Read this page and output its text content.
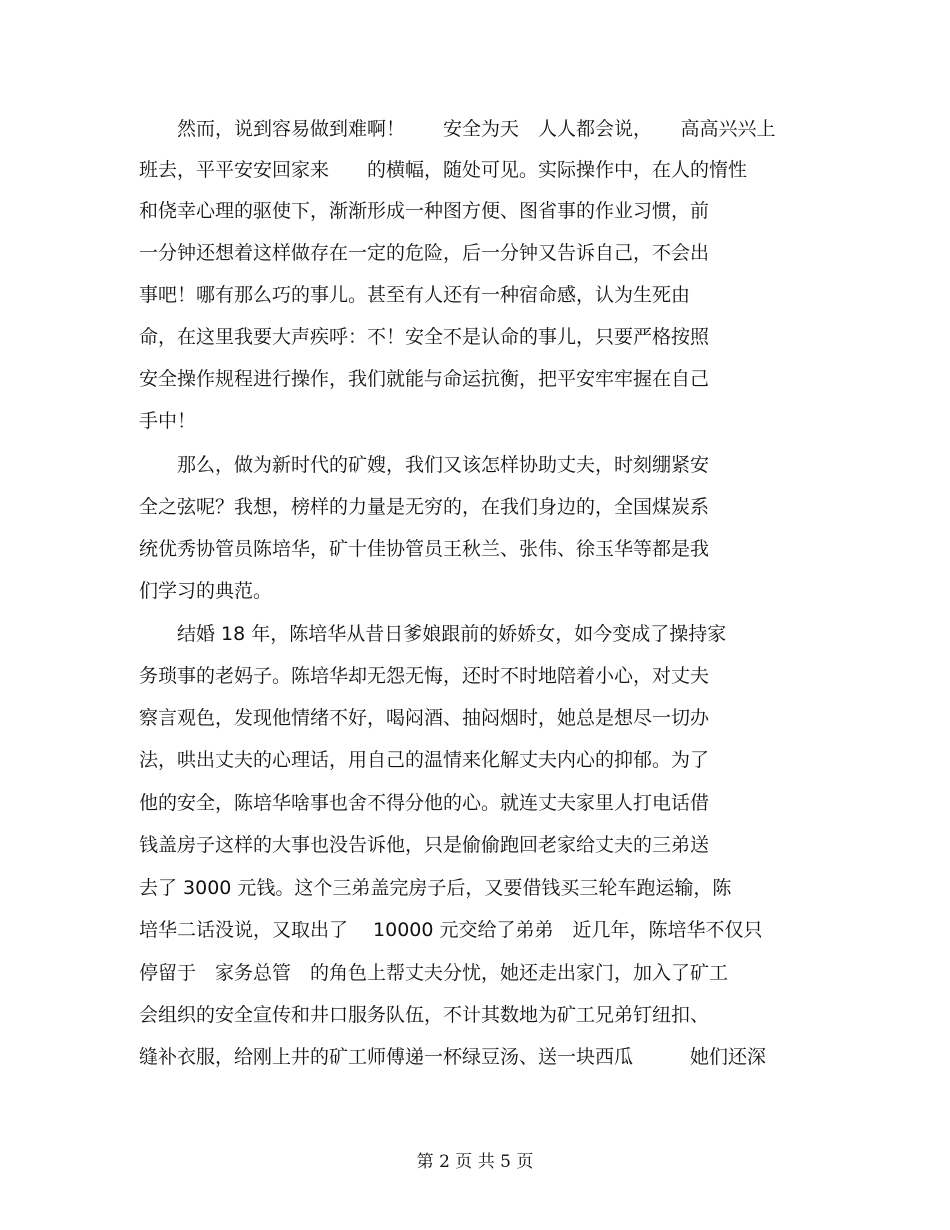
　　然而，说到容易做到难啊！　　安全为天　人人都会说，　　高高兴兴上
班去，平平安安回家来　　的横幅，随处可见。实际操作中，在人的惰性
和侥幸心理的驱使下，渐渐形成一种图方便、图省事的作业习惯，前
一分钟还想着这样做存在一定的危险，后一分钟又告诉自己，不会出
事吧！哪有那么巧的事儿。甚至有人还有一种宿命感，认为生死由
命，在这里我要大声疾呼：不！安全不是认命的事儿，只要严格按照
安全操作规程进行操作，我们就能与命运抗衡，把平安牢牢握在自己
手中！
　　那么，做为新时代的矿嫂，我们又该怎样协助丈夫，时刻绷紧安
全之弦呢？我想，榜样的力量是无穷的，在我们身边的，全国煤炭系
统优秀协管员陈培华，矿十佳协管员王秋兰、张伟、徐玉华等都是我
们学习的典范。
　　结婚 18 年，陈培华从昔日爹娘跟前的娇娇女，如今变成了操持家
务琐事的老妈子。陈培华却无怨无悔，还时不时地陪着小心，对丈夫
察言观色，发现他情绪不好，喝闷酒、抽闷烟时，她总是想尽一切办
法，哄出丈夫的心理话，用自己的温情来化解丈夫内心的抑郁。为了
他的安全，陈培华啥事也舍不得分他的心。就连丈夫家里人打电话借
钱盖房子这样的大事也没告诉他，只是偷偷跑回老家给丈夫的三弟送
去了 3000 元钱。这个三弟盖完房子后，又要借钱买三轮车跑运输，陈
培华二话没说，又取出了　 10000 元交给了弟弟　近几年，陈培华不仅只
停留于　家务总管　的角色上帮丈夫分忧，她还走出家门，加入了矿工
会组织的安全宣传和井口服务队伍，不计其数地为矿工兄弟钉纽扣、
缝补衣服，给刚上井的矿工师傅递一杯绿豆汤、送一块西瓜　　　她们还深
第 2 页 共 5 页
